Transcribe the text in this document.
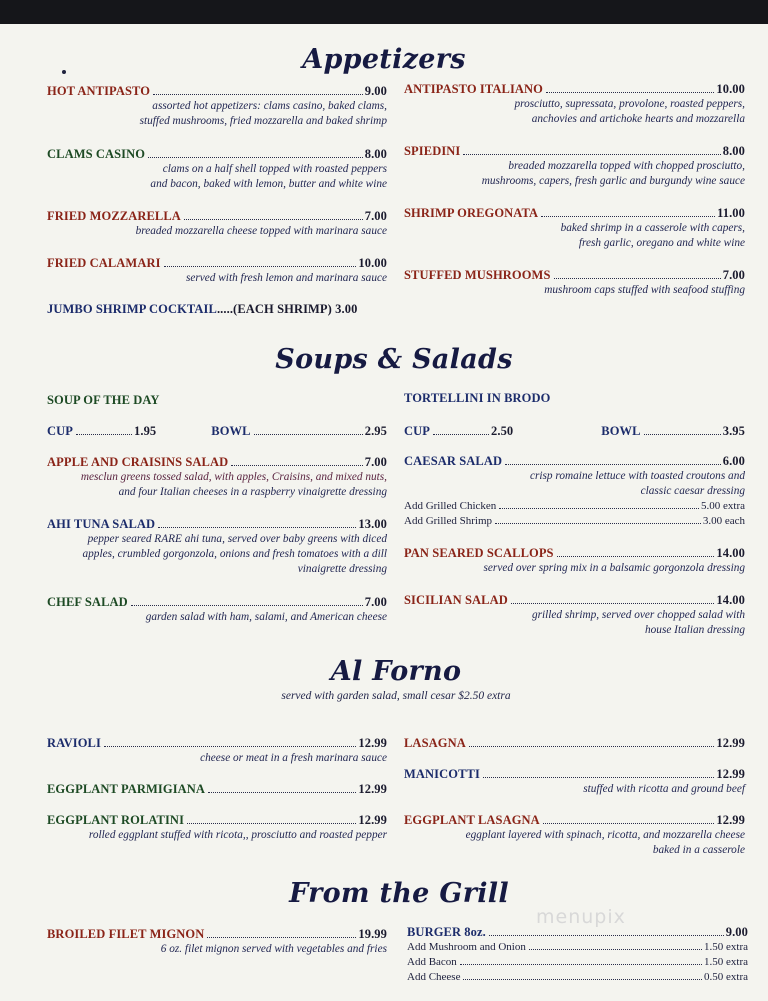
Appetizers
HOT ANTIPASTO	9.00
assorted hot appetizers: clams casino, baked clams,
stuffed mushrooms, fried mozzarella and baked shrimp
CLAMS CASINO	8.00
clams on a half shell topped with roasted peppers
and bacon, baked with lemon, butter and white wine
FRIED MOZZARELLA	7.00
breaded mozzarella cheese topped with marinara sauce
FRIED CALAMARI	10.00
served with fresh lemon and marinara sauce
JUMBO SHRIMP COCKTAIL .....(EACH SHRIMP) 3.00
ANTIPASTO ITALIANO	10.00
prosciutto, supressata, provolone, roasted peppers,
anchovies and artichoke hearts and mozzarella
SPIEDINI	8.00
breaded mozzarella topped with chopped prosciutto,
mushrooms, capers, fresh garlic and burgundy wine sauce
SHRIMP OREGONATA	11.00
baked shrimp in a casserole with capers,
fresh garlic, oregano and white wine
STUFFED MUSHROOMS	7.00
mushroom caps stuffed with seafood stuffing
Soups & Salads
SOUP OF THE DAY
CUP	1.95	BOWL	2.95
TORTELLINI IN BRODO
CUP	2.50	BOWL	3.95
APPLE AND CRAISINS SALAD	7.00
mesclun greens tossed salad, with apples, Craisins, and mixed nuts,
and four Italian cheeses in a raspberry vinaigrette dressing
AHI TUNA SALAD	13.00
pepper seared RARE ahi tuna, served over baby greens with diced
apples, crumbled gorgonzola, onions and fresh tomatoes with a dill
vinaigrette dressing
CHEF SALAD	7.00
garden salad with ham, salami, and American cheese
CAESAR SALAD	6.00
crisp romaine lettuce with toasted croutons and
classic caesar dressing
Add Grilled Chicken	5.00 extra
Add Grilled Shrimp	3.00 each
PAN SEARED SCALLOPS	14.00
served over spring mix in a balsamic gorgonzola dressing
SICILIAN SALAD	14.00
grilled shrimp, served over chopped salad with
house Italian dressing
Al Forno
served with garden salad, small cesar $2.50 extra
RAVIOLI	12.99
cheese or meat in a fresh marinara sauce
EGGPLANT PARMIGIANA	12.99
EGGPLANT ROLATINI	12.99
rolled eggplant stuffed with ricota,, prosciutto and roasted pepper
LASAGNA	12.99
MANICOTTI	12.99
stuffed with ricotta and ground beef
EGGPLANT LASAGNA	12.99
eggplant layered with spinach, ricotta, and mozzarella cheese
baked in a casserole
From the Grill
BROILED FILET MIGNON	19.99
6 oz. filet mignon served with vegetables and fries
BURGER 8oz.	9.00
Add Mushroom and Onion	1.50 extra
Add Bacon	1.50 extra
Add Cheese	0.50 extra
menupix
